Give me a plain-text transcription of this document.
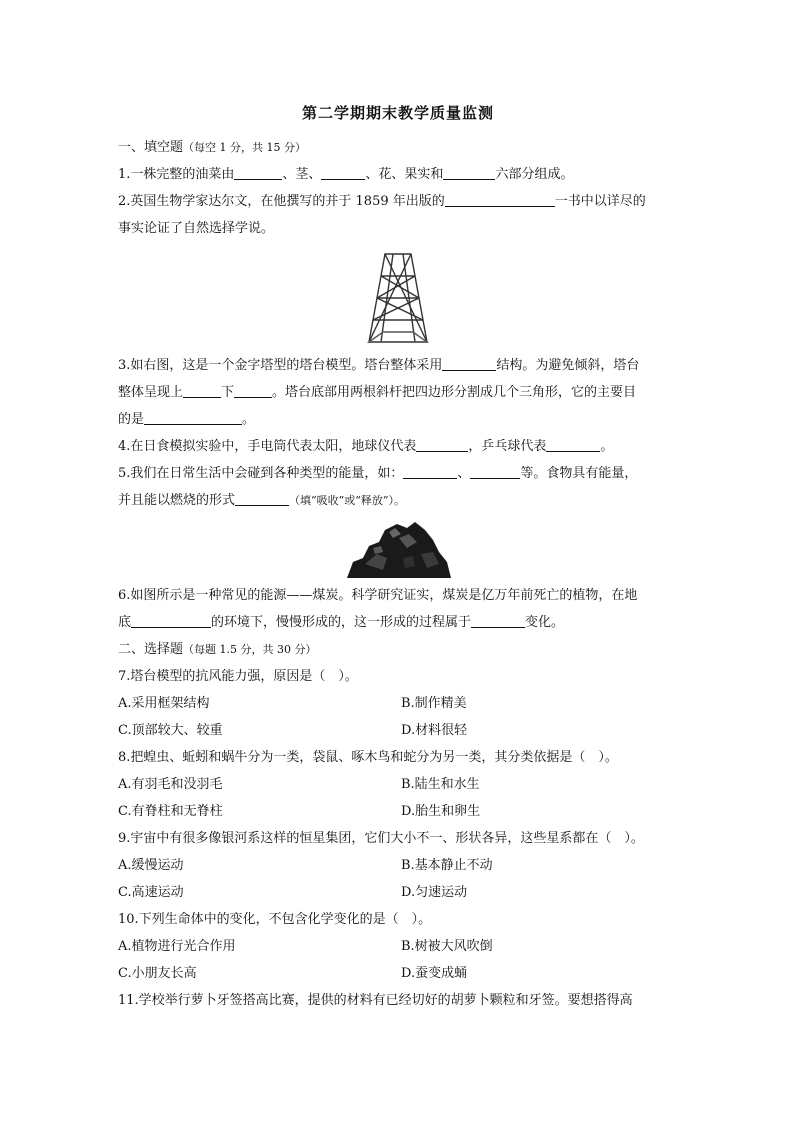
第二学期期末教学质量监测
一、填空题（每空 1 分，共 15 分）
1.一株完整的油菜由	、茎、	、花、果实和	六部分组成。
2.英国生物学家达尔文，在他撰写的并于 1859 年出版的	一书中以详尽的
事实论证了自然选择学说。
3.如右图，这是一个金字塔型的塔台模型。塔台整体采用	结构。为避免倾斜，塔台
整体呈现上	下	。塔台底部用两根斜杆把四边形分割成几个三角形，它的主要目
的是	。
4.在日食模拟实验中，手电筒代表太阳，地球仪代表	，乒乓球代表	。
5.我们在日常生活中会碰到各种类型的能量，如：	、	等。食物具有能量，
并且能以燃烧的形式	（填“吸收”或“释放”）。
6.如图所示是一种常见的能源——煤炭。科学研究证实，煤炭是亿万年前死亡的植物，在地
底	的环境下，慢慢形成的，这一形成的过程属于	变化。
二、选择题（每题 1.5 分，共 30 分）
7.塔台模型的抗风能力强，原因是（　）。
A.采用框架结构	B.制作精美
C.顶部较大、较重	D.材料很轻
8.把蝗虫、蚯蚓和蜗牛分为一类，袋鼠、啄木鸟和蛇分为另一类，其分类依据是（　）。
A.有羽毛和没羽毛	B.陆生和水生
C.有脊柱和无脊柱	D.胎生和卵生
9.宇宙中有很多像银河系这样的恒星集团，它们大小不一、形状各异，这些星系都在（　）。
A.缓慢运动	B.基本静止不动
C.高速运动	D.匀速运动
10.下列生命体中的变化，不包含化学变化的是（　）。
A.植物进行光合作用	B.树被大风吹倒
C.小朋友长高	D.蚕变成蛹
11.学校举行萝卜牙签搭高比赛，提供的材料有已经切好的胡萝卜颗粒和牙签。要想搭得高
